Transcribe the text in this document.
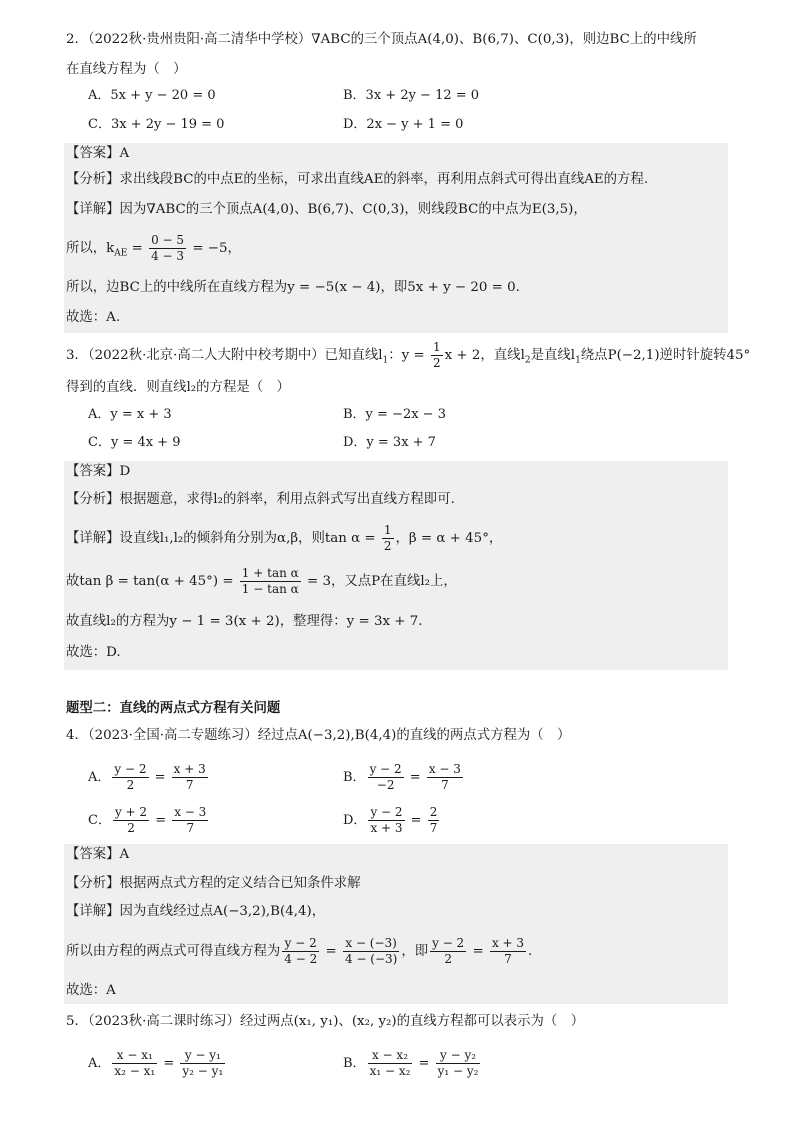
2．（2022秋·贵州贵阳·高二清华中学校）∇ABC的三个顶点A(4,0)、B(6,7)、C(0,3)，则边BC上的中线所
在直线方程为（　）
A．5x + y − 20 = 0	B．3x + 2y − 12 = 0
C．3x + 2y − 19 = 0	D．2x − y + 1 = 0
【答案】A
【分析】求出线段BC的中点E的坐标，可求出直线AE的斜率，再利用点斜式可得出直线AE的方程.
【详解】因为∇ABC的三个顶点A(4,0)、B(6,7)、C(0,3)，则线段BC的中点为E(3,5)，
所以，$k_{AE} = \frac{0 - 5}{4 - 3} = -5$，
所以，边BC上的中线所在直线方程为y = −5(x − 4)，即5x + y − 20 = 0.
故选：A.
3．（2022秋·北京·高二人大附中校考期中）已知直线$l_1$：$y = \frac{1}{2}$ x + 2，直线$l_2$是直线$l_1$绕点P(−2,1)逆时针旋转45°
得到的直线．则直线l₂的方程是（　）
A．y = x + 3	B．y = −2x − 3
C．y = 4x + 9	D．y = 3x + 7
【答案】D
【分析】根据题意，求得l₂的斜率，利用点斜式写出直线方程即可.
【详解】设直线l₁,l₂的倾斜角分别为α,β，则$\tan \alpha = \frac{1}{2}$ ，β = α + 45°，
故$\tan \beta = \tan(\alpha + 45^\circ) = \frac{\text{1 + tan α}}{\text{1 − tan α}} = 3$，又点P在直线l₂上，
故直线l₂的方程为y − 1 = 3(x + 2)，整理得：y = 3x + 7.
故选：D.
题型二：直线的两点式方程有关问题
4．（2023·全国·高二专题练习）经过点A(−3,2),B(4,4)的直线的两点式方程为（　）
A． $\frac{y - 2}{2} = \frac{x + 3}{7}$	B． $\frac{y - 2}{-2} = \frac{x - 3}{7}$
C． $\frac{y + 2}{2} = \frac{x - 3}{7}$	D． $\frac{y - 2}{x + 3} = \frac{2}{7}$
【答案】A
【分析】根据两点式方程的定义结合已知条件求解
【详解】因为直线经过点A(−3,2),B(4,4)，
所以由方程的两点式可得直线方程为 $\frac{y - 2}{4 - 2} = \frac{x - (-3)}{4 - (-3)}$ ，即 $\frac{y - 2}{2} = \frac{x + 3}{7}$ .
故选：A
5．（2023秋·高二课时练习）经过两点(x₁, y₁)、(x₂, y₂)的直线方程都可以表示为（　）
A． $\frac{\text{x − x₁}}{\text{x₂ − x₁}} = \frac{\text{y − y₁}}{\text{y₂ − y₁}}$	B． $\frac{\text{x − x₂}}{\text{x₁ − x₂}} = \frac{\text{y − y₂}}{\text{y₁ − y₂}}$
